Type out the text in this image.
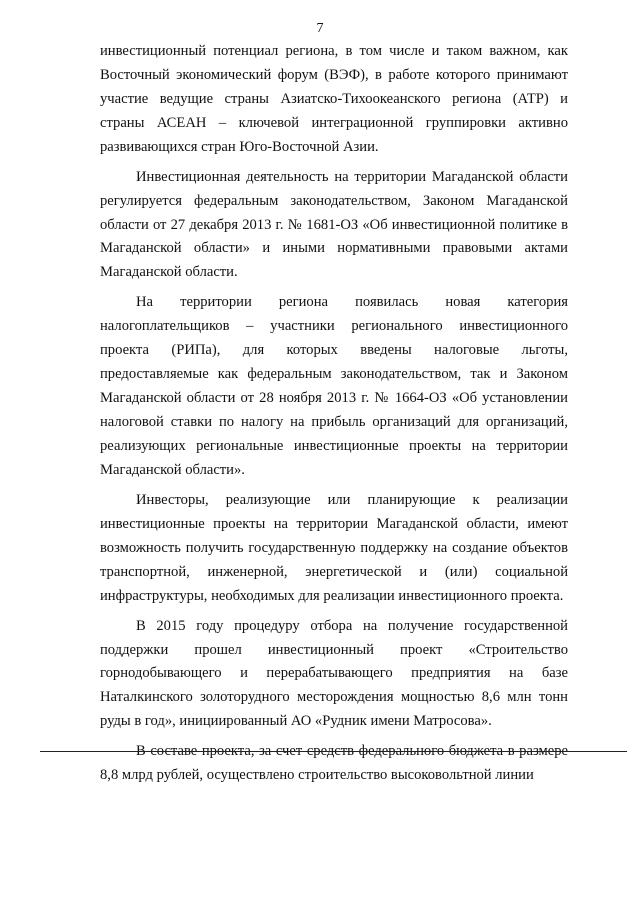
7

инвестиционный потенциал региона, в том числе и таком важном, как Восточный экономический форум (ВЭФ), в работе которого принимают участие ведущие страны Азиатско-Тихоокеанского региона (АТР) и страны АСЕАН – ключевой интеграционной группировки активно развивающихся стран Юго-Восточной Азии.

Инвестиционная деятельность на территории Магаданской области регулируется федеральным законодательством, Законом Магаданской области от 27 декабря 2013 г. № 1681-ОЗ «Об инвестиционной политике в Магаданской области» и иными нормативными правовыми актами Магаданской области.

На территории региона появилась новая категория налогоплательщиков – участники регионального инвестиционного проекта (РИПа), для которых введены налоговые льготы, предоставляемые как федеральным законодательством, так и Законом Магаданской области от 28 ноября 2013 г. № 1664-ОЗ «Об установлении налоговой ставки по налогу на прибыль организаций для организаций, реализующих региональные инвестиционные проекты на территории Магаданской области».

Инвесторы, реализующие или планирующие к реализации инвестиционные проекты на территории Магаданской области, имеют возможность получить государственную поддержку на создание объектов транспортной, инженерной, энергетической и (или) социальной инфраструктуры, необходимых для реализации инвестиционного проекта.

В 2015 году процедуру отбора на получение государственной поддержки прошел инвестиционный проект «Строительство горнодобывающего и перерабатывающего предприятия на базе Наталкинского золоторудного месторождения мощностью 8,6 млн тонн руды в год», инициированный АО «Рудник имени Матросова».

В составе проекта, за счет средств федерального бюджета в размере 8,8 млрд рублей, осуществлено строительство высоковольтной линии
